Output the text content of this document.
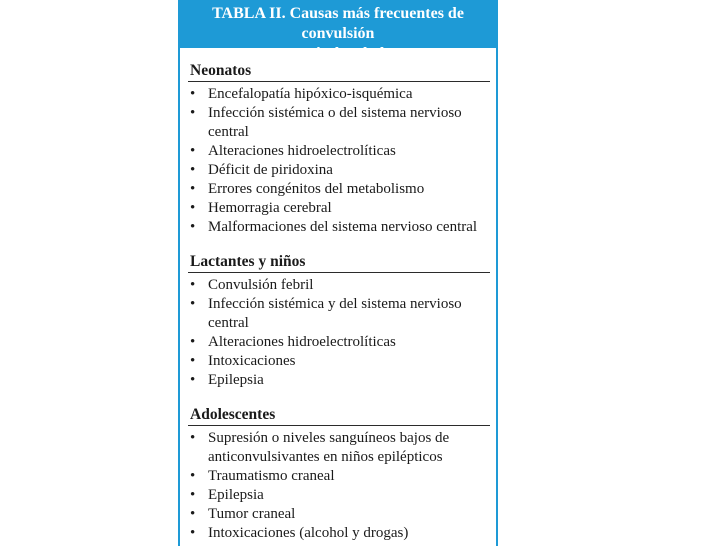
TABLA II. Causas más frecuentes de convulsión
según la edad
Neonatos
• Encefalopatía hipóxico-isquémica
• Infección sistémica o del sistema nervioso central
• Alteraciones hidroelectrolíticas
• Déficit de piridoxina
• Errores congénitos del metabolismo
• Hemorragia cerebral
• Malformaciones del sistema nervioso central
Lactantes y niños
• Convulsión febril
• Infección sistémica y del sistema nervioso central
• Alteraciones hidroelectrolíticas
• Intoxicaciones
• Epilepsia
Adolescentes
• Supresión o niveles sanguíneos bajos de anticonvulsivantes en niños epilépticos
• Traumatismo craneal
• Epilepsia
• Tumor craneal
• Intoxicaciones (alcohol y drogas)
